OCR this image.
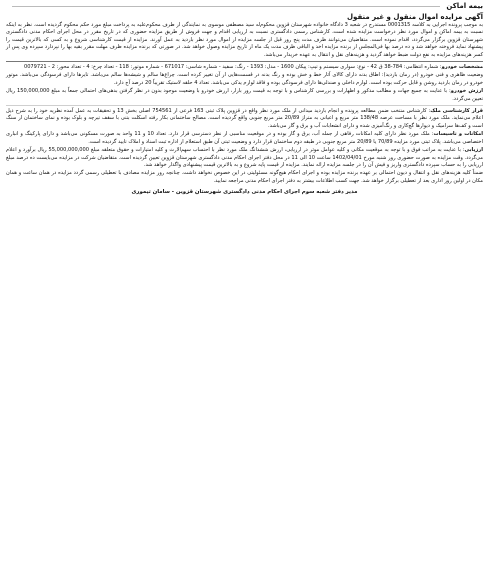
بیمه اماکن
آگهی مزایده اموال منقول و غیر منقول
به موجب پرونده اجرایی به کلاسه 0001315 مستدرج در شعبه 3 دادگاه خانواده شهرستان قزوین محکوم‌له سید مصطفی موسوی به نمایندگی از طرف محکوم‌علیه به پرداخت مبلغ مورد حکم محکوم گردیده است. نظر به اینکه نسبت به بیمه اماکن و اموال مورد نظر درخواست مزایده شده است، کارشناس رسمی دادگستری نسبت به ارزیابی اقدام و جهت فروش از طریق مزایده حضوری که در تاریخ مقرر در محل اجرای احکام مدنی دادگستری شهرستان قزوین برگزار می‌گردد، اقدام نموده است. متقاضیان می‌توانند ظرف مدت پنج روز قبل از جلسه مزایده از اموال مورد نظر بازدید به عمل آورند. مزایده از قیمت کارشناسی شروع و به کسی که بالاترین قیمت را پیشنهاد نماید فروخته خواهد شد و ده درصد بها فی‌المجلس از برنده مزایده اخذ و الباقی ظرف مدت یک ماه از تاریخ مزایده وصول خواهد شد. در صورتی که برنده مزایده ظرف مهلت مقرر بقیه بها را نپردازد سپرده وی پس از کسر هزینه‌های مزایده به نفع دولت ضبط خواهد گردید و هزینه‌های نقل و انتقال به عهده خریدار می‌باشد.
مشخصات خودرو: شماره انتظامی: 784-38 ق 42 - نوع: سواری سیستم و تیپ: پیکان 1600 - مدل: 1393 - رنگ: سفید - شماره شاسی: 671017 - شماره موتور: 118 - تعداد چرخ: 4 - تعداد محور: 2 - 0079721
وضعیت ظاهری و فنی خودرو (در زمان بازدید): اطاق بدنه دارای کالای آثار خط و خش بوده و رنگ بدنه در قسمت‌هایی از آن تغییر کرده است. چراغ‌ها سالم و شیشه‌ها سالم می‌باشد. تایرها دارای فرسودگی می‌باشد. موتور خودرو در زمان بازدید روشن و قابل حرکت بوده است. لوازم داخلی و صندلی‌ها دارای فرسودگی بوده و فاقد لوازم یدکی می‌باشد. تعداد 4 حلقه لاستیک تقریباً 20 درصد آج دارد.
ارزش خودرو: با عنایت به جمیع جهات و مطالب مذکور و اظهارات و بررسی کارشناس و با توجه به قیمت روز بازار، ارزش خودرو با وضعیت موجود بدون در نظر گرفتن بدهی‌های احتمالی جمعاً به مبلغ 150,000,000 ریال تعیین می‌گردد.
قرار کارشناسی ملک: کارشناس منتخب ضمن مطالعه پرونده و انجام بازدید میدانی از ملک مورد نظر واقع در قزوین پلاک ثبتی 163 فرعی از 754561 اصلی بخش 13 و تحقیقات به عمل آمده نظریه خود را به شرح ذیل اعلام می‌نماید. ملک مورد نظر با مساحت عرصه 138/48 متر مربع و اعیانی به متراژ 20/89 متر مربع جنوبی واقع گردیده است. مصالح ساختمانی بکار رفته اسکلت بتنی با سقف تیرچه و بلوک بوده و نمای ساختمان از سنگ است و کف‌ها سرامیک و دیوارها گچ‌کاری و رنگ‌آمیزی شده و دارای انشعابات آب و برق و گاز می‌باشد.
امکانات و تاسیسات: ملک مورد نظر دارای کلیه امکانات رفاهی از جمله آب، برق و گاز بوده و در موقعیت مناسبی از نظر دسترسی قرار دارد. تعداد 10 و 11 واحد به صورت مسکونی می‌باشد و دارای پارکینگ و انباری اختصاصی می‌باشد. پلاک ثبتی مورد مزایده 70/89 یا 20/89 متر مربع جنوبی در طبقه دوم ساختمان قرار دارد و وضعیت ثبتی آن طبق استعلام از اداره ثبت اسناد و املاک تایید گردیده است.
ارزیابی: با عنایت به مراتب فوق و با توجه به موقعیت مکانی و کلیه عوامل موثر در ارزیابی، ارزش ششدانگ ملک مورد نظر با احتساب سهم‌الارث و کلیه امتیازات و حقوق متعلقه مبلغ 55,000,000,000 ریال برآورد و اعلام می‌گردد. وقت مزایده به صورت حضوری روز شنبه مورخ 1402/04/01 ساعت 10 الی 11 در محل دفتر اجرای احکام مدنی دادگستری شهرستان قزوین تعیین گردیده است. متقاضیان شرکت در مزایده می‌بایست ده درصد مبلغ ارزیابی را به حساب سپرده دادگستری واریز و فیش آن را در جلسه مزایده ارائه نمایند. مزایده از قیمت پایه شروع و به بالاترین قیمت پیشنهادی واگذار خواهد شد.
ضمناً کلیه هزینه‌های نقل و انتقال و دیون احتمالی بر عهده برنده مزایده بوده و اجرای احکام هیچ‌گونه مسئولیتی در این خصوص نخواهد داشت. چنانچه روز مزایده مصادف با تعطیلی رسمی گردد مزایده در همان ساعت و همان مکان در اولین روز اداری بعد از تعطیلی برگزار خواهد شد. جهت کسب اطلاعات بیشتر به دفتر اجرای احکام مدنی مراجعه نمایید.
مدیر دفتر شعبه سوم اجرای احکام مدنی دادگستری شهرستان قزوین - سامان تیموری
